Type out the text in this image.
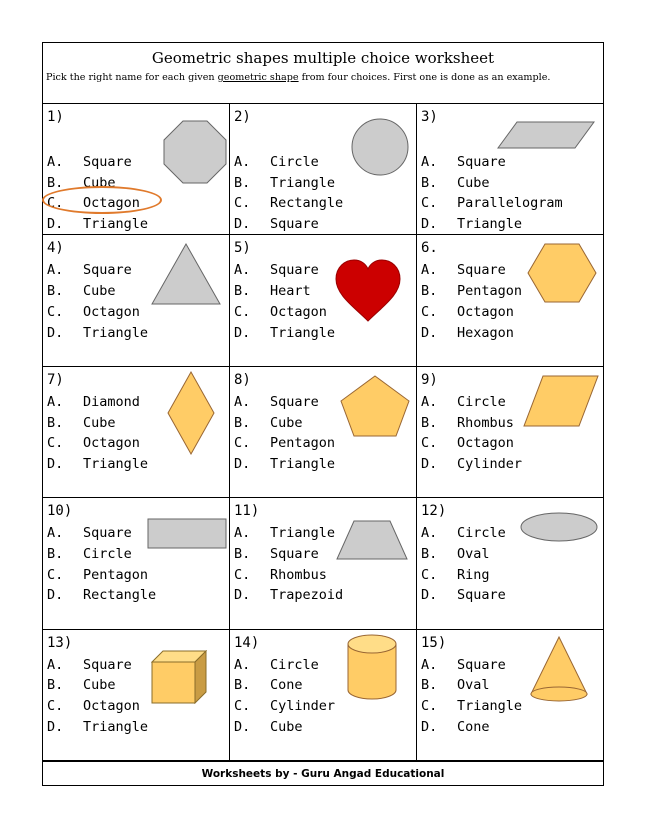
Geometric shapes multiple choice worksheet
Pick the right name for each given geometric shape from four choices. First one is done as an example.
1)
A. Square
B. Cube
C. Octagon
D. Triangle
2)
A. Circle
B. Triangle
C. Rectangle
D. Square
3)
A. Square
B. Cube
C. Parallelogram
D. Triangle
4)
A. Square
B. Cube
C. Octagon
D. Triangle
5)
A. Square
B. Heart
C. Octagon
D. Triangle
6.
A. Square
B. Pentagon
C. Octagon
D. Hexagon
7)
A. Diamond
B. Cube
C. Octagon
D. Triangle
8)
A. Square
B. Cube
C. Pentagon
D. Triangle
9)
A. Circle
B. Rhombus
C. Octagon
D. Cylinder
10)
A. Square
B. Circle
C. Pentagon
D. Rectangle
11)
A. Triangle
B. Square
C. Rhombus
D. Trapezoid
12)
A. Circle
B. Oval
C. Ring
D. Square
13)
A. Square
B. Cube
C. Octagon
D. Triangle
14)
A. Circle
B. Cone
C. Cylinder
D. Cube
15)
A. Square
B. Oval
C. Triangle
D. Cone
Worksheets by - Guru Angad Educational
